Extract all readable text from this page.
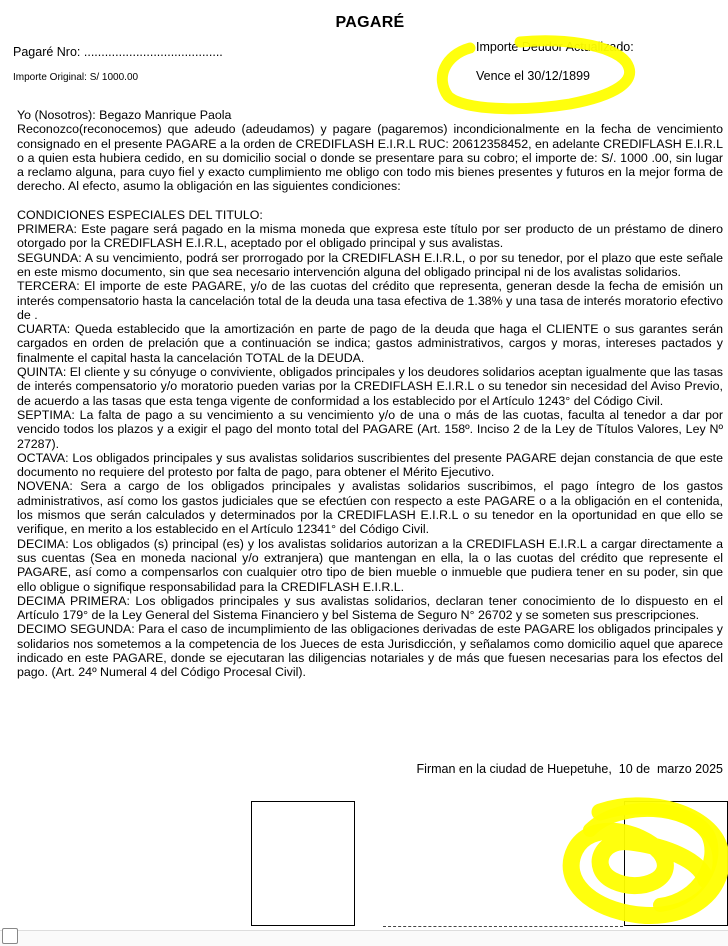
PAGARÉ
Pagaré Nro: ........................................	Importe Deudor Actualizado:
Importe Original: S/ 1000.00	Vence el 30/12/1899

Yo (Nosotros): Begazo Manrique Paola

Reconozco(reconocemos) que adeudo (adeudamos) y pagare (pagaremos) incondicionalmente en la fecha de vencimiento consignado en el presente PAGARE a la orden de CREDIFLASH E.I.R.L RUC: 20612358452, en adelante CREDIFLASH E.I.R.L o a quien esta hubiera cedido, en su domicilio social o donde se presentare para su cobro; el importe de: S/. 1000 .00, sin lugar a reclamo alguna, para cuyo fiel y exacto cumplimiento me obligo con todo mis bienes presentes y futuros en la mejor forma de derecho. Al efecto, asumo la obligación en las siguientes condiciones:

CONDICIONES ESPECIALES DEL TITULO:

PRIMERA: Este pagare será pagado en la misma moneda que expresa este título por ser producto de un préstamo de dinero otorgado por la CREDIFLASH E.I.R.L, aceptado por el obligado principal y sus avalistas.

SEGUNDA: A su vencimiento, podrá ser prorrogado por la CREDIFLASH E.I.R.L, o por su tenedor, por el plazo que este señale en este mismo documento, sin que sea necesario intervención alguna del obligado principal ni de los avalistas solidarios.

TERCERA: El importe de este PAGARE, y/o de las cuotas del crédito que representa, generan desde la fecha de emisión un interés compensatorio hasta la cancelación total de la deuda una tasa efectiva de 1.38% y una tasa de interés moratorio efectivo de .

CUARTA: Queda establecido que la amortización en parte de pago de la deuda que haga el CLIENTE o sus garantes serán cargados en orden de prelación que a continuación se indica; gastos administrativos, cargos y moras, intereses pactados y finalmente el capital hasta la cancelación TOTAL de la DEUDA.

QUINTA: El cliente y su cónyuge o conviviente, obligados principales y los deudores solidarios aceptan igualmente que las tasas de interés compensatorio y/o moratorio pueden varias por la CREDIFLASH E.I.R.L o su tenedor sin necesidad del Aviso Previo, de acuerdo a las tasas que esta tenga vigente de conformidad a los establecido por el Artículo 1243° del Código Civil.

SEPTIMA: La falta de pago a su vencimiento a su vencimiento y/o de una o más de las cuotas, faculta al tenedor a dar por vencido todos los plazos y a exigir el pago del monto total del PAGARE (Art. 158º. Inciso 2 de la Ley de Títulos Valores, Ley Nº 27287).

OCTAVA: Los obligados principales y sus avalistas solidarios suscribientes del presente PAGARE dejan constancia de que este documento no requiere del protesto por falta de pago, para obtener el Mérito Ejecutivo.

NOVENA: Sera a cargo de los obligados principales y avalistas solidarios suscribimos, el pago íntegro de los gastos administrativos, así como los gastos judiciales que se efectúen con respecto a este PAGARE o a la obligación en el contenida, los mismos que serán calculados y determinados por la CREDIFLASH E.I.R.L o su tenedor en la oportunidad en que ello se verifique, en merito a los establecido en el Artículo 12341° del Código Civil.

DECIMA: Los obligados (s) principal (es) y los avalistas solidarios autorizan a la CREDIFLASH E.I.R.L a cargar directamente a sus cuentas (Sea en moneda nacional y/o extranjera) que mantengan en ella, la o las cuotas del crédito que represente el PAGARE, así como a compensarlos con cualquier otro tipo de bien mueble o inmueble que pudiera tener en su poder, sin que ello obligue o signifique responsabilidad para la CREDIFLASH E.I.R.L.

DECIMA PRIMERA: Los obligados principales y sus avalistas solidarios, declaran tener conocimiento de lo dispuesto en el Artículo 179° de la Ley General del Sistema Financiero y bel Sistema de Seguro N° 26702 y se someten sus prescripciones.

DECIMO SEGUNDA: Para el caso de incumplimiento de las obligaciones derivadas de este PAGARE los obligados principales y solidarios nos sometemos a la competencia de los Jueces de esta Jurisdicción, y señalamos como domicilio aquel que aparece indicado en este PAGARE, donde se ejecutaran las diligencias notariales y de más que fuesen necesarias para los efectos del pago. (Art. 24º Numeral 4 del Código Procesal Civil).

Firman en la ciudad de Huepetuhe,  10 de  marzo 2025
